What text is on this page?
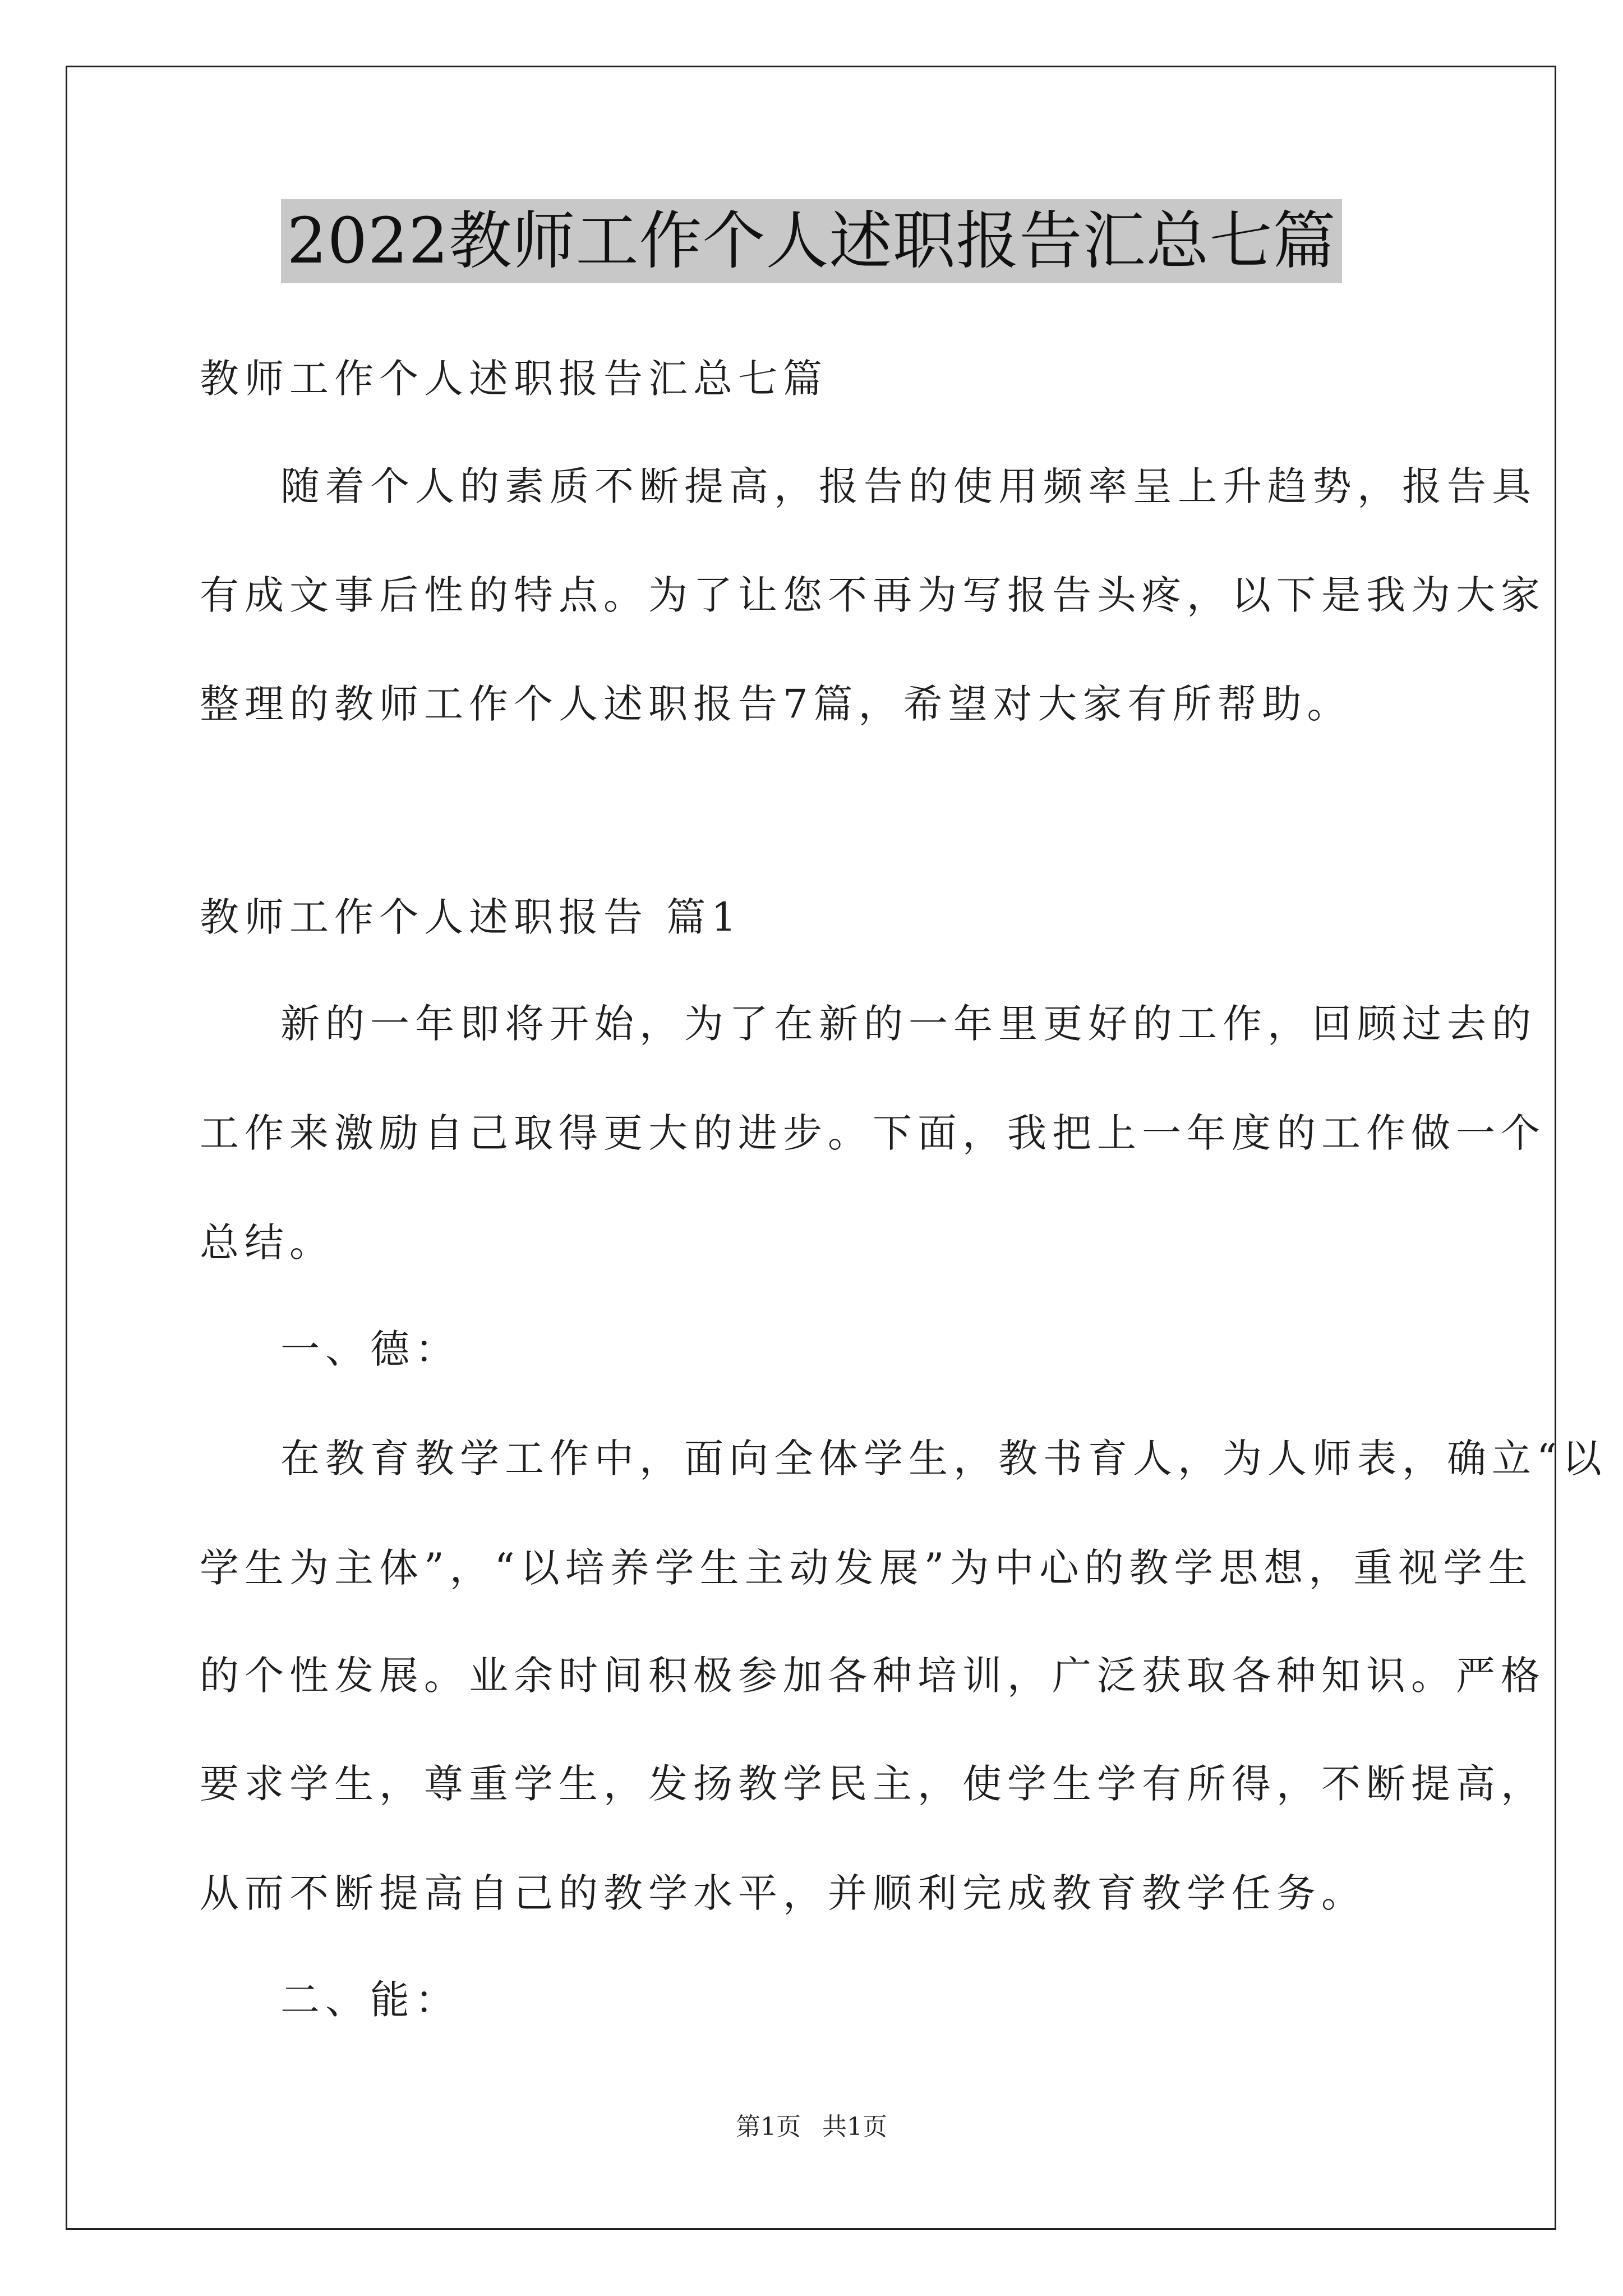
2022教师工作个人述职报告汇总七篇
教师工作个人述职报告汇总七篇
随着个人的素质不断提高，报告的使用频率呈上升趋势，报告具
有成文事后性的特点。为了让您不再为写报告头疼，以下是我为大家
整理的教师工作个人述职报告7篇，希望对大家有所帮助。
教师工作个人述职报告 篇1
新的一年即将开始，为了在新的一年里更好的工作，回顾过去的
工作来激励自己取得更大的进步。下面，我把上一年度的工作做一个
总结。
一、德：
在教育教学工作中，面向全体学生，教书育人，为人师表，确立“以
学生为主体”，“以培养学生主动发展”为中心的教学思想，重视学生
的个性发展。业余时间积极参加各种培训，广泛获取各种知识。严格
要求学生，尊重学生，发扬教学民主，使学生学有所得，不断提高，
从而不断提高自己的教学水平，并顺利完成教育教学任务。
二、能：
第1页 共1页
